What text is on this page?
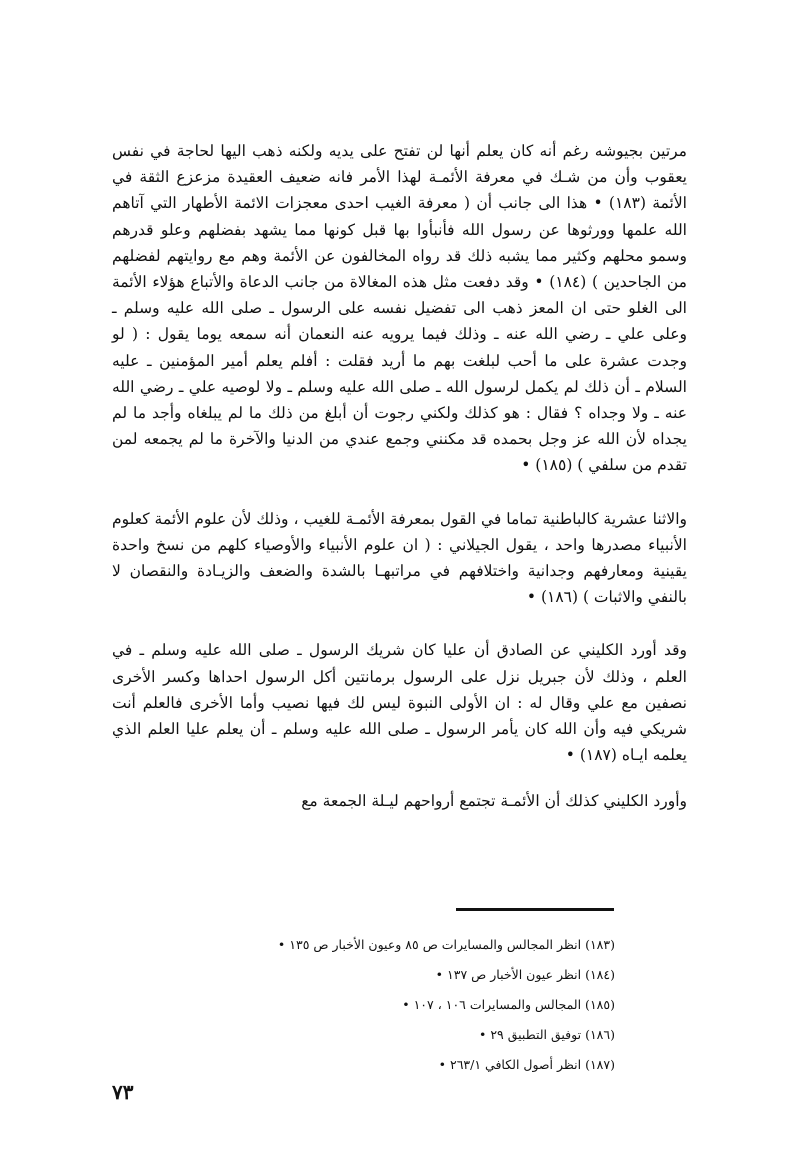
مرتين بجيوشه رغم أنه كان يعلم أنها لن تفتح على يديه ولكنه ذهب اليها لحاجة في نفس يعقوب وأن من شـك في معرفة الأئمـة لهذا الأمر فانه ضعيف العقيدة مزعزع الثقة في الأئمة (١٨٣) • هذا الى جانب أن ( معرفة الغيب احدى معجزات الائمة الأطهار التي آتاهم الله علمها وورثوها عن رسول الله فأنبأوا بها قبل كونها مما يشهد بفضلهم وعلو قدرهم وسمو محلهم وكثير مما يشبه ذلك قد رواه المخالفون عن الأئمة وهم مع روايتهم لفضلهم من الجاحدين ) (١٨٤) • وقد دفعت مثل هذه المغالاة من جانب الدعاة والأتباع هؤلاء الأئمة الى الغلو حتى ان المعز ذهب الى تفضيل نفسه على الرسول ـ صلى الله عليه وسلم ـ وعلى علي ـ رضي الله عنه ـ وذلك فيما يرويه عنه النعمان أنه سمعه يوما يقول : ( لو وجدت عشرة على ما أحب لبلغت بهم ما أريد فقلت : أفلم يعلم أمير المؤمنين ـ عليه السلام ـ أن ذلك لم يكمل لرسول الله ـ صلى الله عليه وسلم ـ ولا لوصيه علي ـ رضي الله عنه ـ ولا وجداه ؟ فقال : هو كذلك ولكني رجوت أن أبلغ من ذلك ما لم يبلغاه وأجد ما لم يجداه لأن الله عز وجل بحمده قد مكنني وجمع عندي من الدنيا والآخرة ما لم يجمعه لمن تقدم من سلفي ) (١٨٥) •

والاثنا عشرية كالباطنية تماما في القول بمعرفة الأئمـة للغيب ، وذلك لأن علوم الأئمة كعلوم الأنبياء مصدرها واحد ، يقول الجيلاني : ( ان علوم الأنبياء والأوصياء كلهم من نسخ واحدة يقينية ومعارفهم وجدانية واختلافهم في مراتبهـا بالشدة والضعف والزيـادة والنقصان لا بالنفي والاثبات ) (١٨٦) •

وقد أورد الكليني عن الصادق أن عليا كان شريك الرسول ـ صلى الله عليه وسلم ـ في العلم ، وذلك لأن جبريل نزل على الرسول برمانتين أكل الرسول احداها وكسر الأخرى نصفين مع علي وقال له : ان الأولى النبوة ليس لك فيها نصيب وأما الأخرى فالعلم أنت شريكي فيه وأن الله كان يأمر الرسول ـ صلى الله عليه وسلم ـ أن يعلم عليا العلم الذي يعلمه ايـاه (١٨٧) •

وأورد الكليني كذلك أن الأئمـة تجتمع أرواحهم ليـلة الجمعة مع

(١٨٣) انظر المجالس والمسايرات ص ٨٥ وعيون الأخبار ص ١٣٥ •

(١٨٤) انظر عيون الأخبار ص ١٣٧ •

(١٨٥) المجالس والمسايرات ١٠٦ ، ١٠٧ •

(١٨٦) توفيق التطبيق ٢٩ •

(١٨٧) انظر أصول الكافي ٢٦٣/١ •

٧٣
